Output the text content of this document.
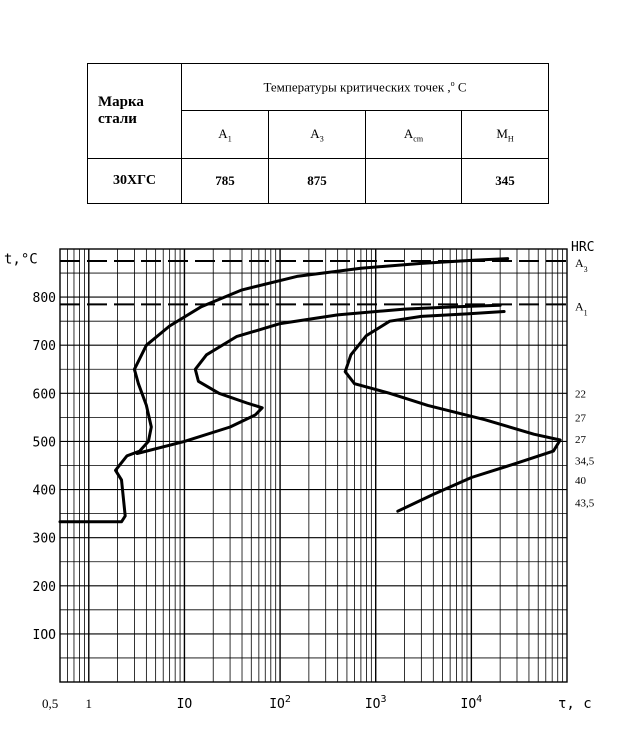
Марка
стали	Температуры критических точек ,$^o$ С			
	$A_1$	$A_3$	$A_{cm}$	$M_H$
30ХГС	785	875		345
$A_3$
$A_1$
IOO
200
300
400
500
600
700
800
t,°C
HRC
22
27
27
34,5
40
43,5
0,5 1	IO	$IO^2$	$IO^3$	$IO^4$	τ, c
